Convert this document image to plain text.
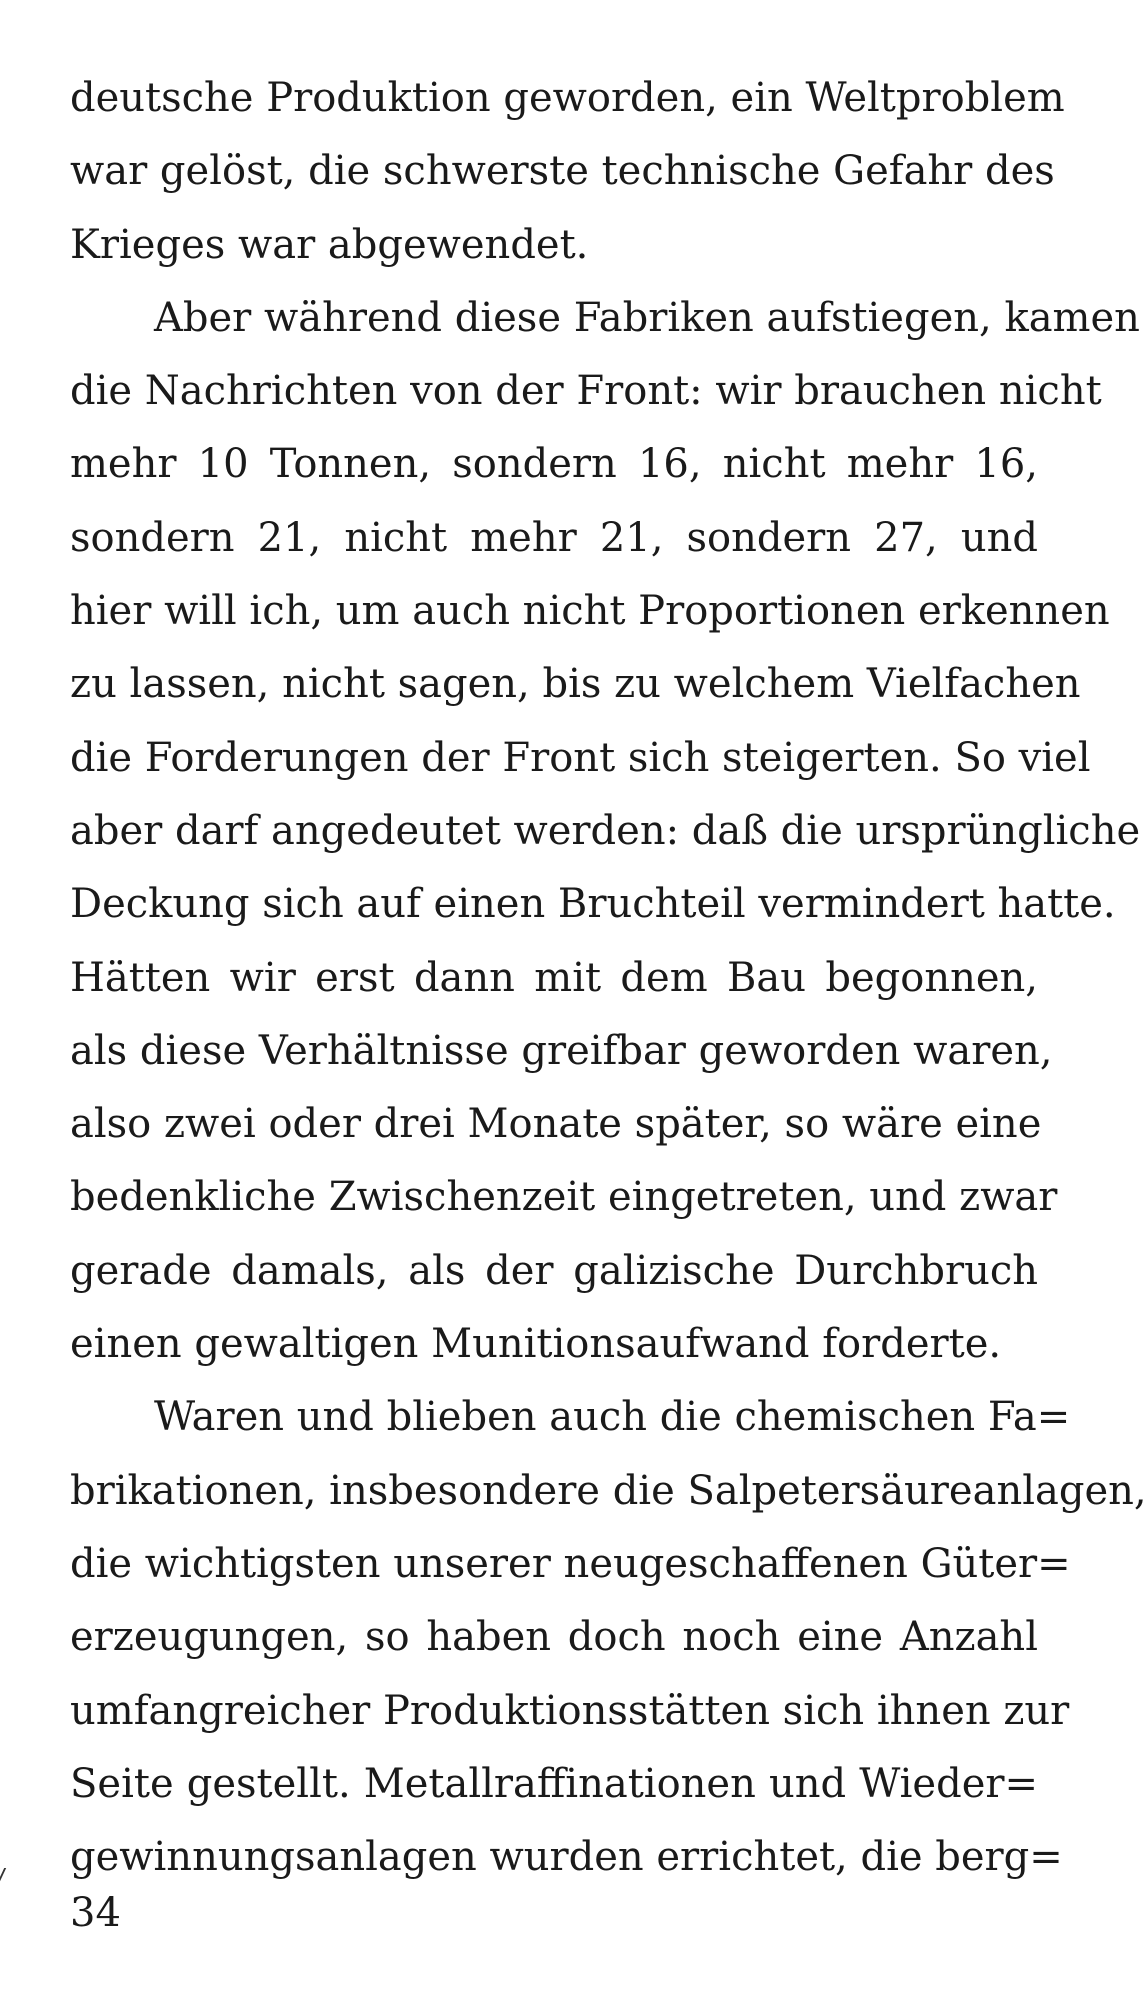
deutsche Produktion geworden, ein Weltproblem
war gelöst, die schwerste technische Gefahr des
Krieges war abgewendet.
Aber während diese Fabriken aufstiegen, kamen
die Nachrichten von der Front: wir brauchen nicht
mehr 10 Tonnen, sondern 16, nicht mehr 16,
sondern 21, nicht mehr 21, sondern 27, und
hier will ich, um auch nicht Proportionen erkennen
zu lassen, nicht sagen, bis zu welchem Vielfachen
die Forderungen der Front sich steigerten. So viel
aber darf angedeutet werden: daß die ursprüngliche
Deckung sich auf einen Bruchteil vermindert hatte.
Hätten wir erst dann mit dem Bau begonnen,
als diese Verhältnisse greifbar geworden waren,
also zwei oder drei Monate später, so wäre eine
bedenkliche Zwischenzeit eingetreten, und zwar
gerade damals, als der galizische Durchbruch
einen gewaltigen Munitionsaufwand forderte.
Waren und blieben auch die chemischen Fa=
brikationen, insbesondere die Salpetersäureanlagen,
die wichtigsten unserer neugeschaffenen Güter=
erzeugungen, so haben doch noch eine Anzahl
umfangreicher Produktionsstätten sich ihnen zur
Seite gestellt. Metallraffinationen und Wieder=
gewinnungsanlagen wurden errichtet, die berg=
34
